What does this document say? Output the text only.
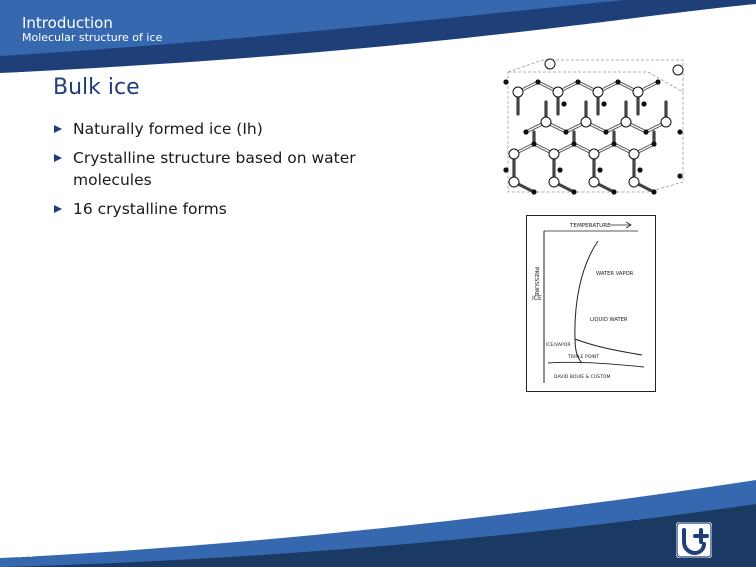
Introduction
Molecular structure of ice
Bulk ice
Naturally formed ice (Ih)
Crystalline structure based on water molecules
16 crystalline forms
TEMPERATURE
PRESSURE
ICE
LIQUID WATER
WATER VAPOR
ICE/VAPOR
TRIPLE POINT
DAVID BOUIE & CUSTOM
17/36
